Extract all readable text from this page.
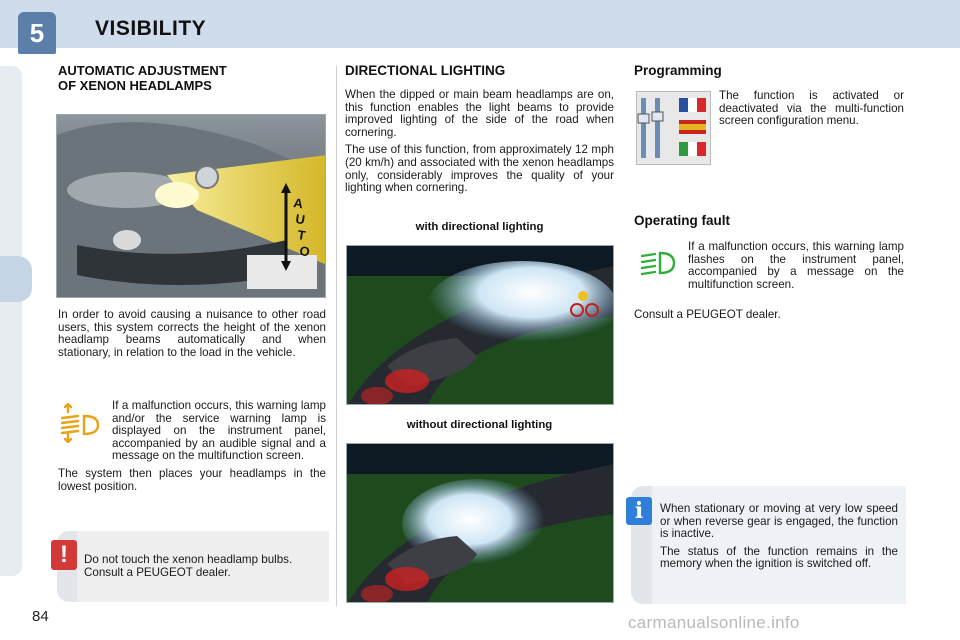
5	VISIBILITY
AUTOMATIC ADJUSTMENT
OF XENON HEADLAMPS
A
U
T
O
In order to avoid causing a nuisance to other road users, this system corrects the height of the xenon headlamp beams automatically and when stationary, in relation to the load in the vehicle.

If a malfunction occurs, this warning lamp and/or the service warning lamp is displayed on the instrument panel, accompanied by an audible signal and a message on the multifunction screen.

The system then places your headlamps in the lowest position.

!	Do not touch the xenon headlamp bulbs. Consult a PEUGEOT dealer.
DIRECTIONAL LIGHTING

When the dipped or main beam headlamps are on, this function enables the light beams to provide improved lighting of the side of the road when cornering.

The use of this function, from approximately 12 mph (20 km/h) and associated with the xenon headlamps only, considerably improves the quality of your lighting when cornering.

with directional lighting
without directional lighting
Programming
The function is activated or deactivated via the multi-function screen configuration menu.
Operating fault
If a malfunction occurs, this warning lamp flashes on the instrument panel, accompanied by a message on the multifunction screen.
Consult a PEUGEOT dealer.
i	When stationary or moving at very low speed or when reverse gear is engaged, the function is inactive.

The status of the function remains in the memory when the ignition is switched off.

84	carmanualsonline.info
